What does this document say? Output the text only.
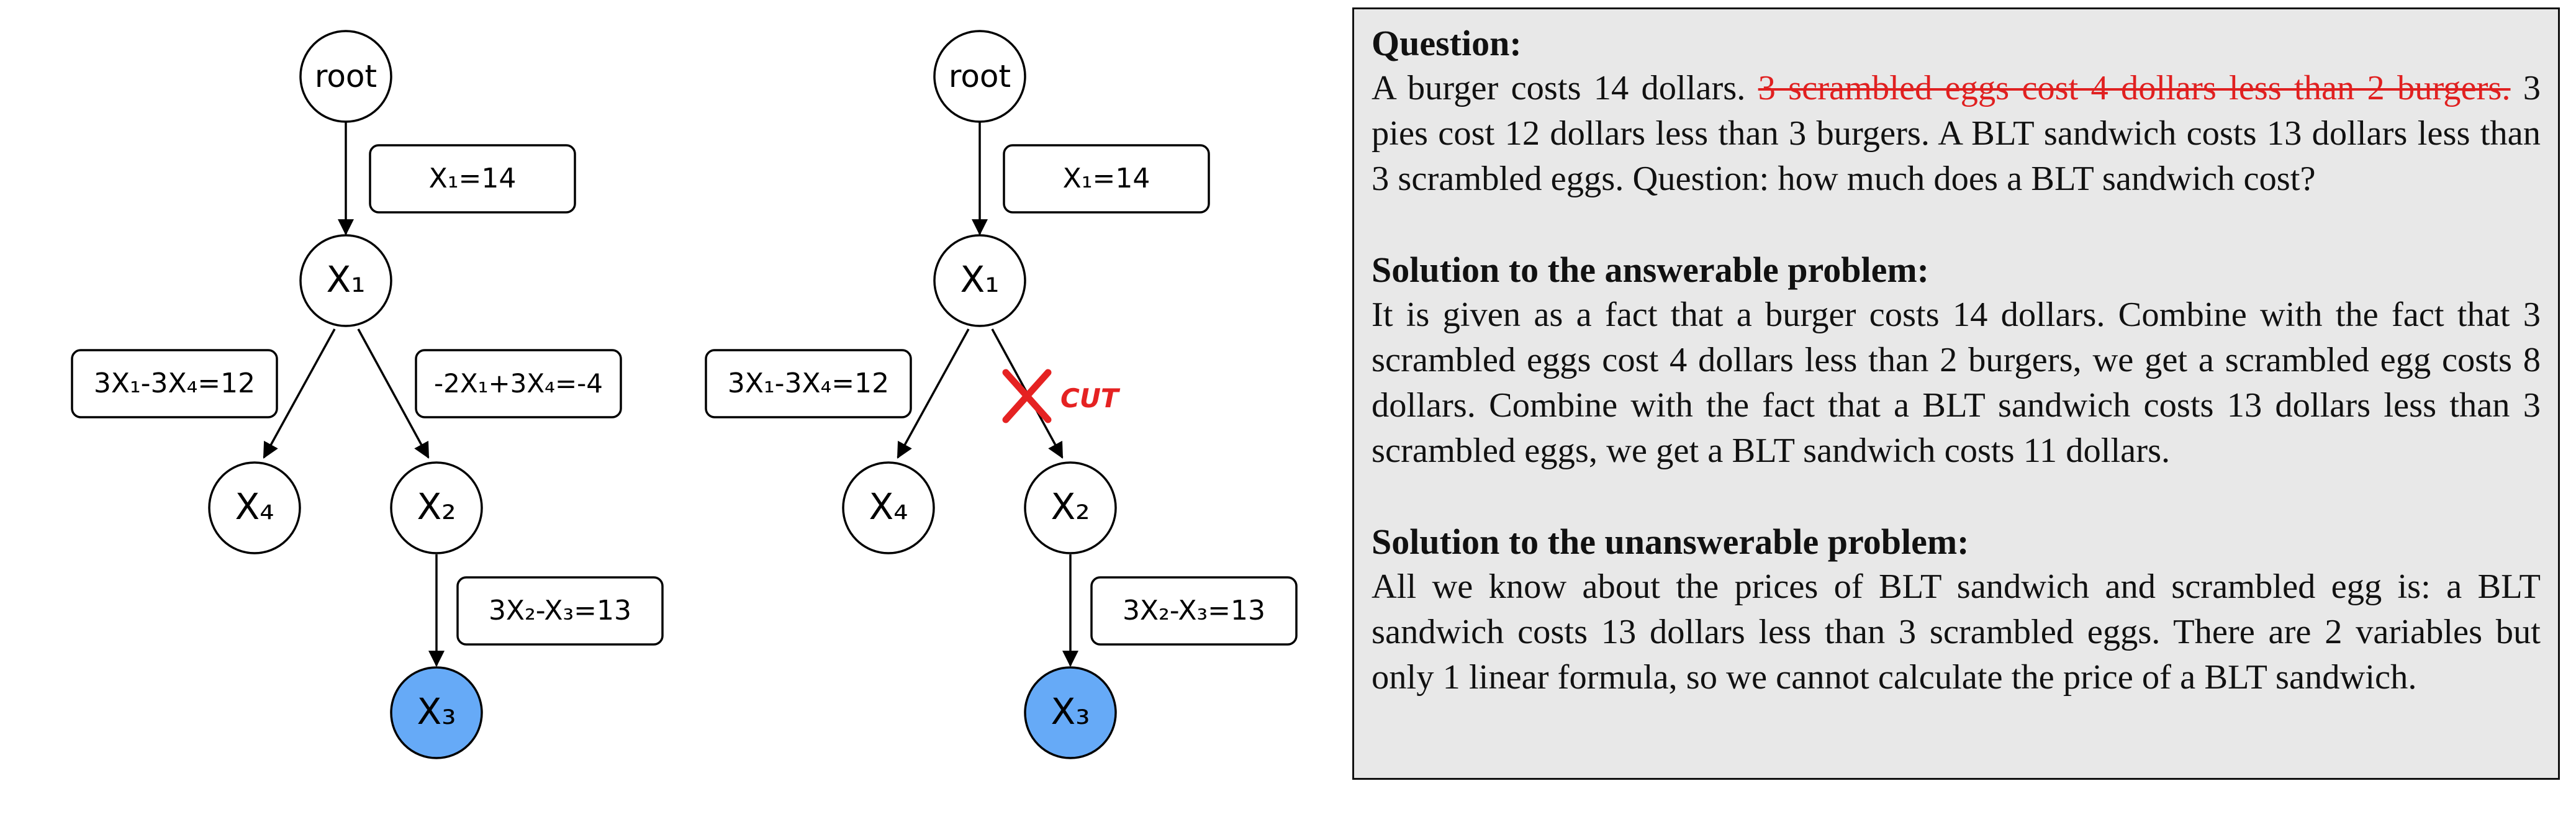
root
X₁
X₄	X₂
X₃
X₁=14
3X₁-3X₄=12	-2X₁+3X₄=-4
3X₂-X₃=13
root
X₁
X₄	X₂
X₃
X₁=14
3X₁-3X₄=12
3X₂-X₃=13
CUT
Question:

A burger costs 14 dollars. 3 scrambled eggs cost 4 dollars less than 2 burgers. 3 pies cost 12 dollars less than 3 burgers. A BLT sandwich costs 13 dollars less than 3 scrambled eggs. Question: how much does a BLT sandwich cost?

Solution to the answerable problem:

It is given as a fact that a burger costs 14 dollars. Combine with the fact that 3 scrambled eggs cost 4 dollars less than 2 burgers, we get a scrambled egg costs 8 dollars. Combine with the fact that a BLT sandwich costs 13 dollars less than 3 scrambled eggs, we get a BLT sandwich costs 11 dollars.

Solution to the unanswerable problem:

All we know about the prices of BLT sandwich and scrambled egg is: a BLT sandwich costs 13 dollars less than 3 scrambled eggs. There are 2 variables but only 1 linear formula, so we cannot calculate the price of a BLT sandwich.
